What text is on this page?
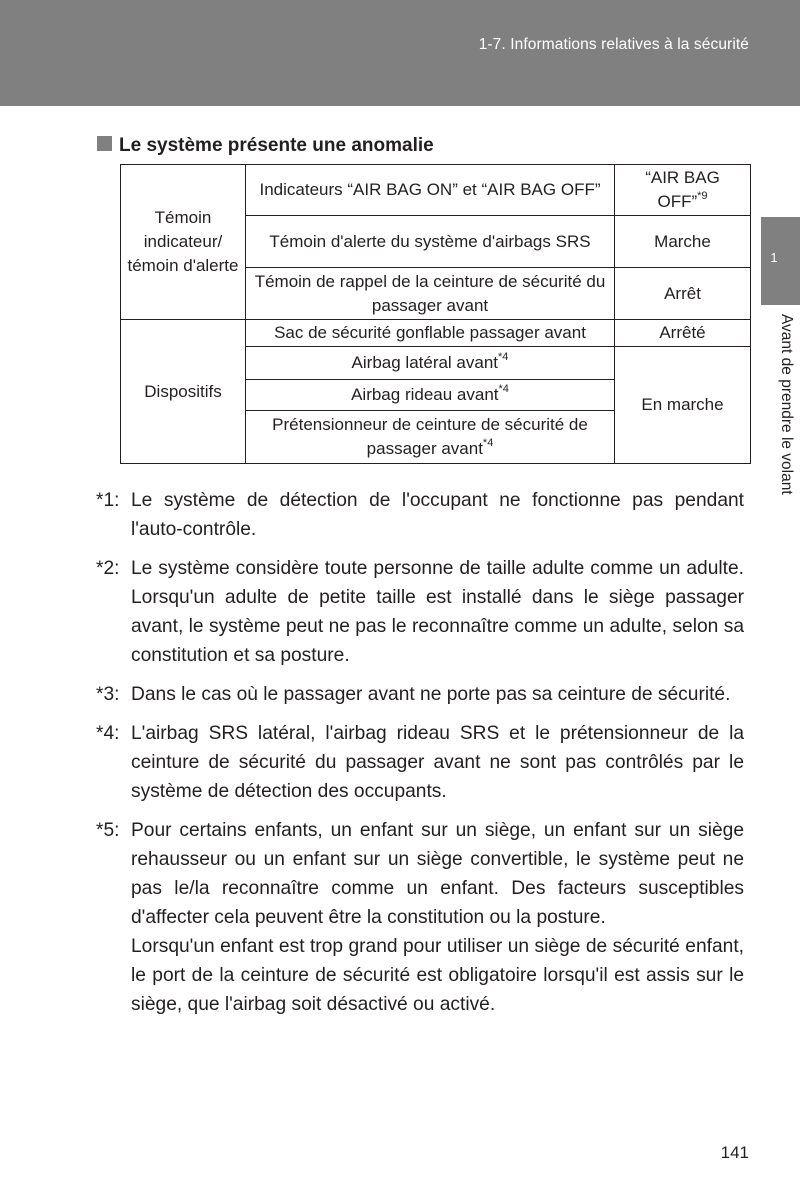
1-7. Informations relatives à la sécurité
1
Avant de prendre le volant
Le système présente une anomalie
Témoin indicateur/ témoin d'alerte	Indicateurs “AIR BAG ON” et “AIR BAG OFF”	“AIR BAG OFF”$^{*9}$
	Témoin d'alerte du système d'airbags SRS	Marche
	Témoin de rappel de la ceinture de sécurité du passager avant	Arrêt
Dispositifs	Sac de sécurité gonflable passager avant	Arrêté
	Airbag latéral avant$^{*4}$	En marche
	Airbag rideau avant$^{*4}$
	Prétensionneur de ceinture de sécurité de passager avant$^{*4}$
*1: Le système de détection de l'occupant ne fonctionne pas pendant l'auto-contrôle.

*2: Le système considère toute personne de taille adulte comme un adulte. Lorsqu'un adulte de petite taille est installé dans le siège passager avant, le système peut ne pas le reconnaître comme un adulte, selon sa constitution et sa posture.

*3: Dans le cas où le passager avant ne porte pas sa ceinture de sécurité.

*4: L'airbag SRS latéral, l'airbag rideau SRS et le prétensionneur de la ceinture de sécurité du passager avant ne sont pas contrôlés par le système de détection des occupants.

*5: Pour certains enfants, un enfant sur un siège, un enfant sur un siège rehausseur ou un enfant sur un siège convertible, le système peut ne pas le/la reconnaître comme un enfant. Des facteurs susceptibles d'affecter cela peuvent être la constitution ou la posture.

Lorsqu'un enfant est trop grand pour utiliser un siège de sécurité enfant, le port de la ceinture de sécurité est obligatoire lorsqu'il est assis sur le siège, que l'airbag soit désactivé ou activé.

141
